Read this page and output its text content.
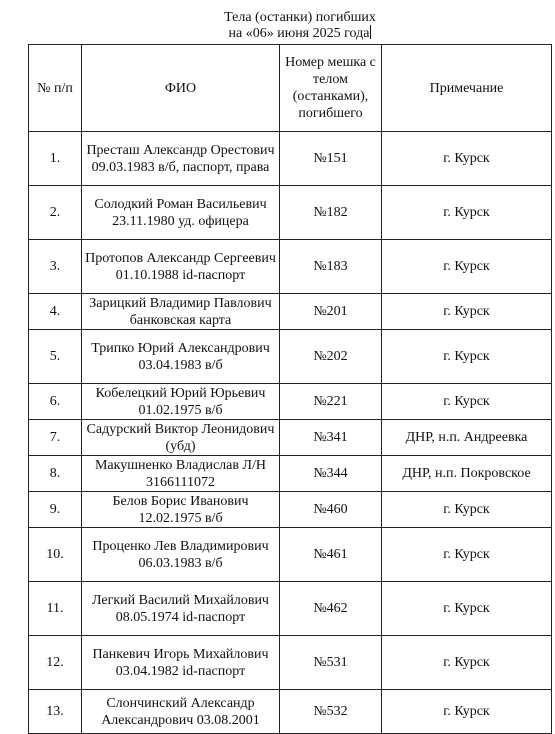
Тела (останки) погибших
на «06» июня 2025 года
№ п/п	ФИО	Номер мешка с телом (останками), погибшего	Примечание
1.	Престаш Александр Орестович 09.03.1983 в/б, паспорт, права	№151	г. Курск
2.	Солодкий Роман Васильевич 23.11.1980 уд. офицера	№182	г. Курск
3.	Протопов Александр Сергеевич 01.10.1988 id-паспорт	№183	г. Курск
4.	Зарицкий Владимир Павлович банковская карта	№201	г. Курск
5.	Трипко Юрий Александрович 03.04.1983 в/б	№202	г. Курск
6.	Кобелецкий Юрий Юрьевич 01.02.1975 в/б	№221	г. Курск
7.	Садурский Виктор Леонидович (убд)	№341	ДНР, н.п. Андреевка
8.	Макушненко Владислав Л/Н 3166111072	№344	ДНР, н.п. Покровское
9.	Белов Борис Иванович 12.02.1975 в/б	№460	г. Курск
10.	Проценко Лев Владимирович 06.03.1983 в/б	№461	г. Курск
11.	Легкий Василий Михайлович 08.05.1974 id-паспорт	№462	г. Курск
12.	Панкевич Игорь Михайлович 03.04.1982 id-паспорт	№531	г. Курск
13.	Слончинский Александр Александрович 03.08.2001	№532	г. Курск
